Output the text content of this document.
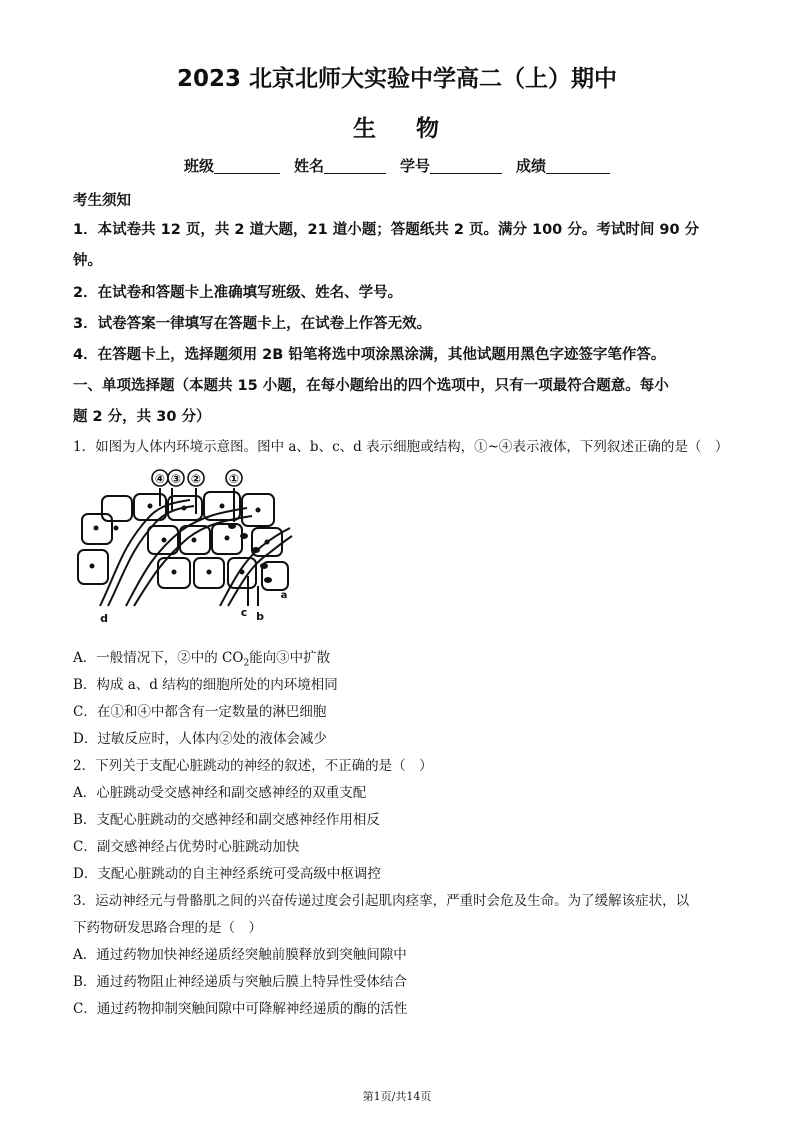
2023 北京北师大实验中学高二（上）期中
生 物
班级	姓名	学号	成绩
考生须知
1．本试卷共 12 页，共 2 道大题，21 道小题；答题纸共 2 页。满分 100 分。考试时间 90 分
钟。
2．在试卷和答题卡上准确填写班级、姓名、学号。
3．试卷答案一律填写在答题卡上，在试卷上作答无效。
4．在答题卡上，选择题须用 2B 铅笔将选中项涂黑涂满，其他试题用黑色字迹签字笔作答。
一、单项选择题（本题共 15 小题，在每小题给出的四个选项中，只有一项最符合题意。每小
题 2 分，共 30 分）
1．如图为人体内环境示意图。图中 a、b、c、d 表示细胞或结构，①~④表示液体，下列叙述正确的是（　）
④ ③ ② ①
a
b
c
d
A．一般情况下，②中的 $CO_2$能向③中扩散
B．构成 a、d 结构的细胞所处的内环境相同
C．在①和④中都含有一定数量的淋巴细胞
D．过敏反应时，人体内②处的液体会减少
2．下列关于支配心脏跳动的神经的叙述，不正确的是（　）
A．心脏跳动受交感神经和副交感神经的双重支配
B．支配心脏跳动的交感神经和副交感神经作用相反
C．副交感神经占优势时心脏跳动加快
D．支配心脏跳动的自主神经系统可受高级中枢调控
3．运动神经元与骨骼肌之间的兴奋传递过度会引起肌肉痉挛，严重时会危及生命。为了缓解该症状，以
下药物研发思路合理的是（　）
A．通过药物加快神经递质经突触前膜释放到突触间隙中
B．通过药物阻止神经递质与突触后膜上特异性受体结合
C．通过药物抑制突触间隙中可降解神经递质的酶的活性
第1页/共14页
